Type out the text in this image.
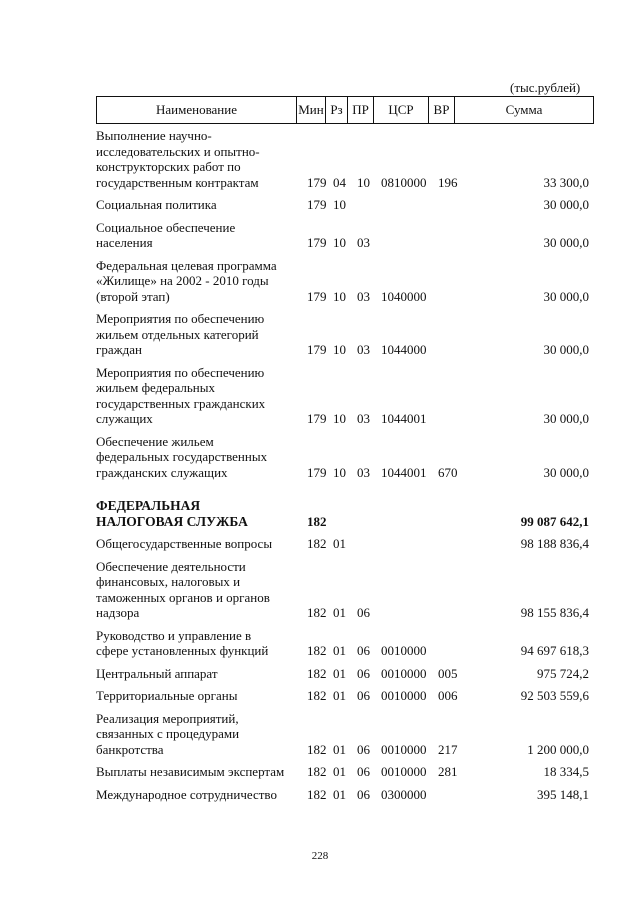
(тыс.рублей)
Наименование	Мин Рз ПР	ЦСР	ВР	Сумма
Выполнение научно-
исследовательских и опытно-
конструкторских работ по
государственным контрактам	179 04 10 0810000 196	33 300,0
Социальная политика	179 10	30 000,0
Социальное обеспечение
населения	179 10 03	30 000,0
Федеральная целевая программа
«Жилище» на 2002 - 2010 годы
(второй этап)	179 10 03 1040000	30 000,0
Мероприятия по обеспечению
жильем отдельных категорий
граждан	179 10 03 1044000	30 000,0
Мероприятия по обеспечению
жильем федеральных
государственных гражданских
служащих	179 10 03 1044001	30 000,0
Обеспечение жильем
федеральных государственных
гражданских служащих	179 10 03 1044001 670	30 000,0
ФЕДЕРАЛЬНАЯ
НАЛОГОВАЯ СЛУЖБА	182	99 087 642,1
Общегосударственные вопросы	182 01	98 188 836,4
Обеспечение деятельности
финансовых, налоговых и
таможенных органов и органов
надзора	182 01 06	98 155 836,4
Руководство и управление в
сфере установленных функций	182 01 06 0010000	94 697 618,3
Центральный аппарат	182 01 06 0010000 005	975 724,2
Территориальные органы	182 01 06 0010000 006	92 503 559,6
Реализация мероприятий,
связанных с процедурами
банкротства	182 01 06 0010000 217	1 200 000,0
Выплаты независимым экспертам	182 01 06 0010000 281	18 334,5
Международное сотрудничество	182 01 06 0300000	395 148,1
228
